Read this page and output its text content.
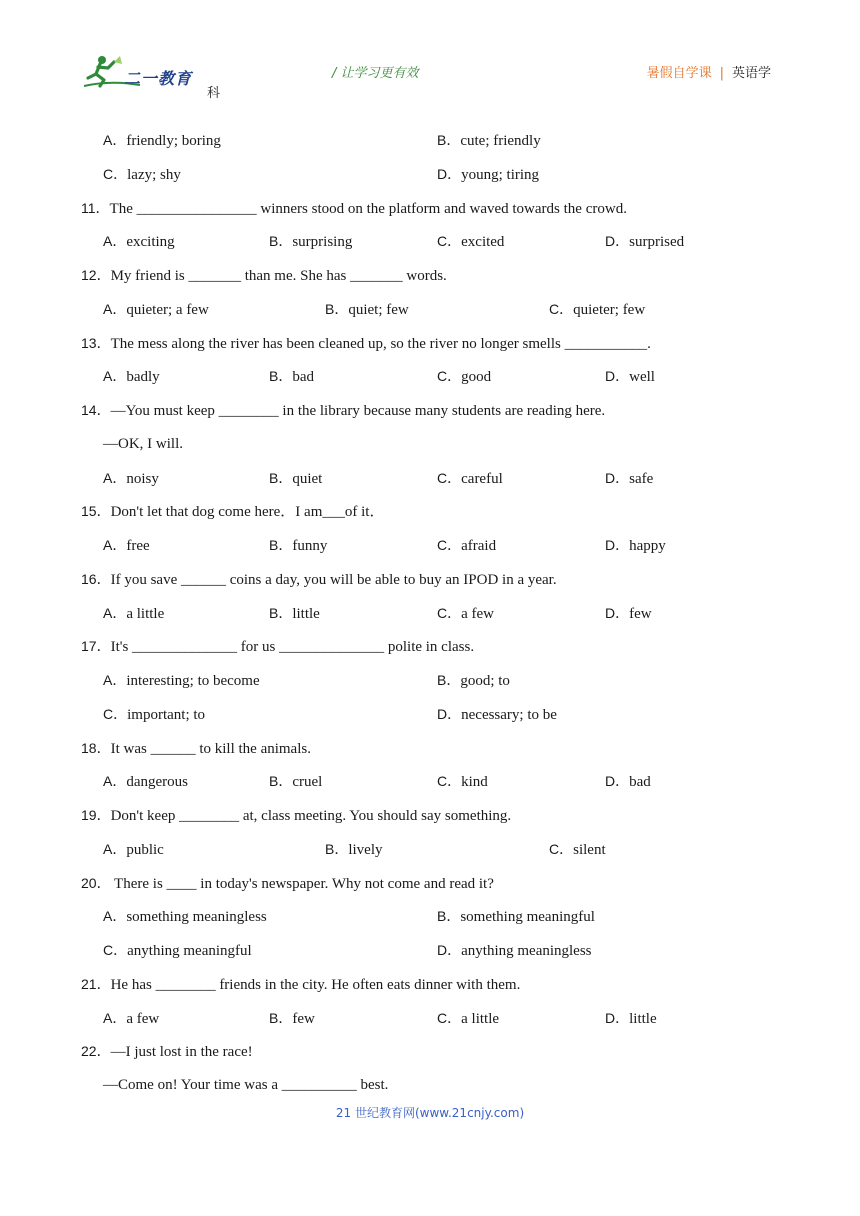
二一教育
科
/ 让学习更有效	暑假自学课 | 英语学
A．friendly; boring	B．cute; friendly
C．lazy; shy	D．young; tiring
11．The ________________ winners stood on the platform and waved towards the crowd.
A．exciting	B．surprising	C．excited	D．surprised
12．My friend is _______ than me. She has _______ words.
A．quieter; a few	B．quiet; few	C．quieter; few
13．The mess along the river has been cleaned up, so the river no longer smells ___________.
A．badly	B．bad	C．good	D．well
14．—You must keep ________ in the library because many students are reading here.
—OK, I will.
A．noisy	B．quiet	C．careful	D．safe
15．Don't let that dog come here．I am___of it．
A．free	B．funny	C．afraid	D．happy
16．If you save ______ coins a day, you will be able to buy an IPOD in a year.
A．a little	B．little	C．a few	D．few
17．It's ______________ for us ______________ polite in class.
A．interesting; to become	B．good; to
C．important; to	D．necessary; to be
18．It was ______ to kill the animals.
A．dangerous	B．cruel	C．kind	D．bad
19．Don't keep ________ at, class meeting. You should say something.
A．public	B．lively	C．silent
20． There is ____ in today's newspaper. Why not come and read it?
A．something meaningless	B．something meaningful
C．anything meaningful	D．anything meaningless
21．He has ________ friends in the city. He often eats dinner with them.
A．a few	B．few	C．a little	D．little
22．—I just lost in the race!
—Come on! Your time was a __________ best.
21 世纪教育网(www.21cnjy.com)
